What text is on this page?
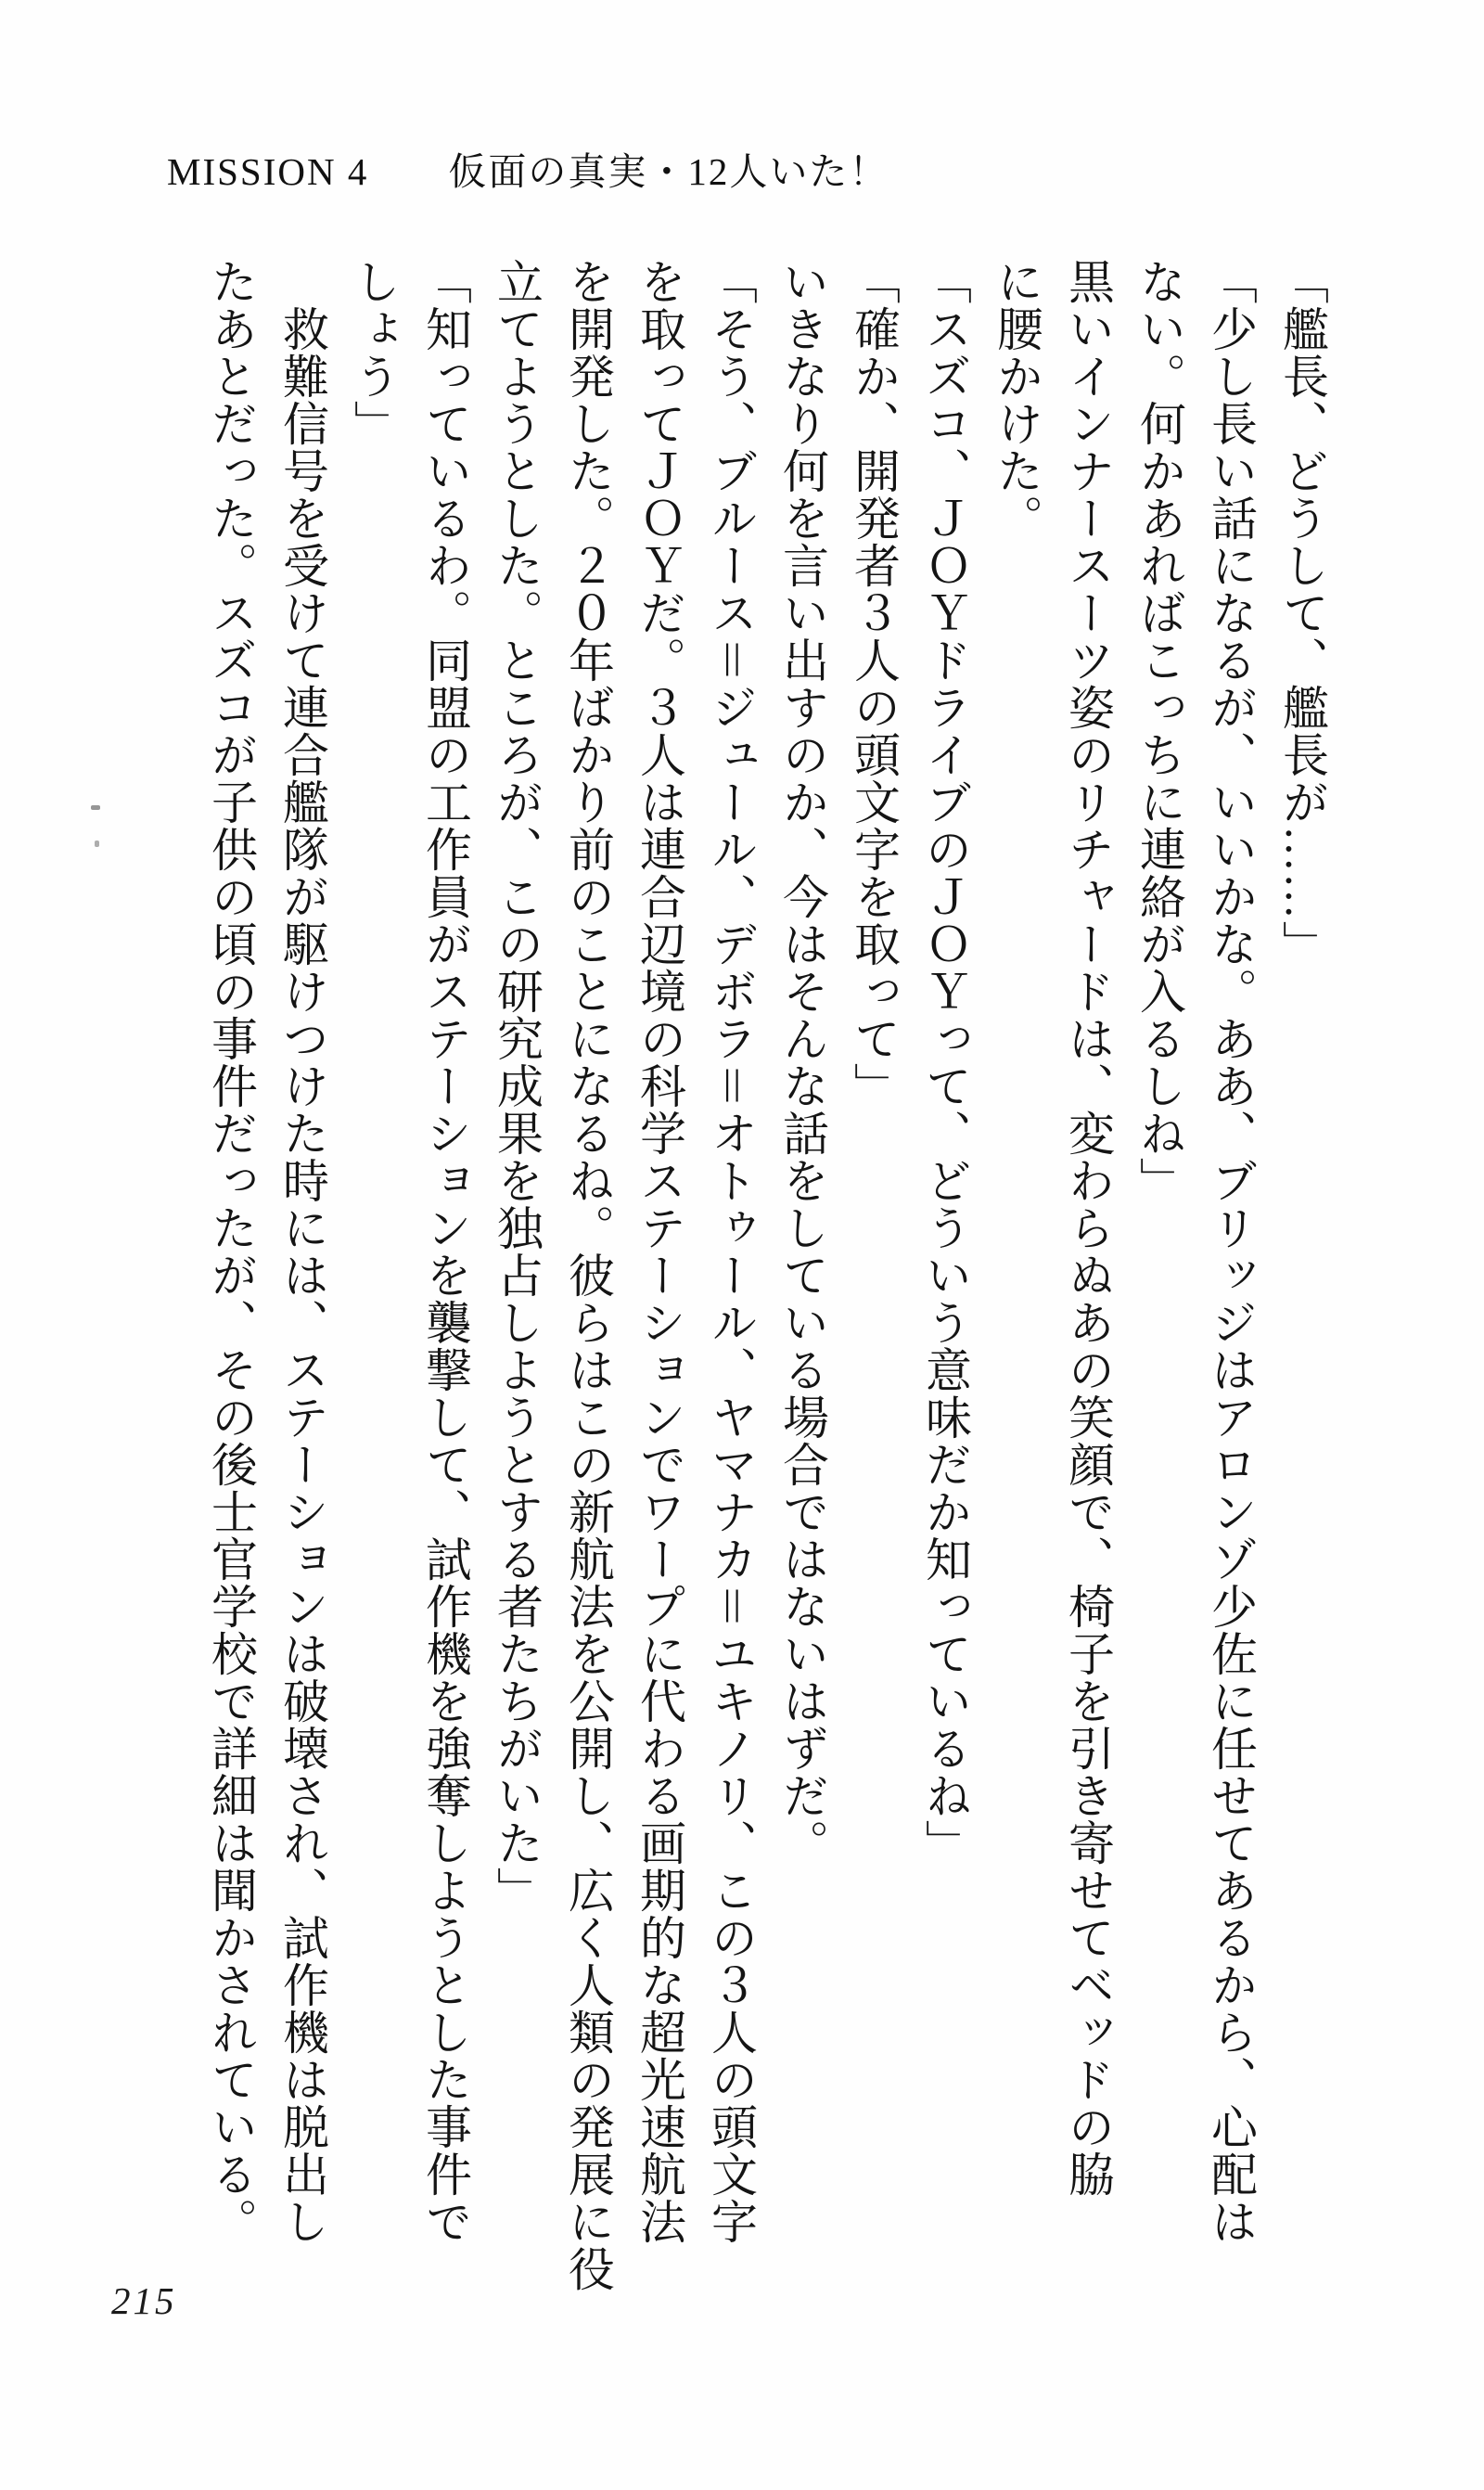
MISSION 4　　仮面の真実・12人いた！
「艦長、どうして、艦長が……」
「少し長い話になるが、いいかな。ああ、ブリッジはアロンゾ少佐に任せてあるから、心配は
ない。何かあればこっちに連絡が入るしね」
黒いインナースーツ姿のリチャードは、変わらぬあの笑顔で、椅子を引き寄せてベッドの脇
に腰かけた。
「スズコ、ＪＯＹドライブのＪＯＹって、どういう意味だか知っているね」
「確か、開発者３人の頭文字を取って」
いきなり何を言い出すのか、今はそんな話をしている場合ではないはずだ。
「そう、ブルース＝ジュール、デボラ＝オトゥール、ヤマナカ＝ユキノリ、この３人の頭文字
を取ってＪＯＹだ。３人は連合辺境の科学ステーションでワープに代わる画期的な超光速航法
を開発した。２０年ばかり前のことになるね。彼らはこの新航法を公開し、広く人類の発展に役
立てようとした。ところが、この研究成果を独占しようとする者たちがいた」
「知っているわ。同盟の工作員がステーションを襲撃して、試作機を強奪しようとした事件で
しょう」
　救難信号を受けて連合艦隊が駆けつけた時には、ステーションは破壊され、試作機は脱出し
たあとだった。スズコが子供の頃の事件だったが、その後士官学校で詳細は聞かされている。
215
